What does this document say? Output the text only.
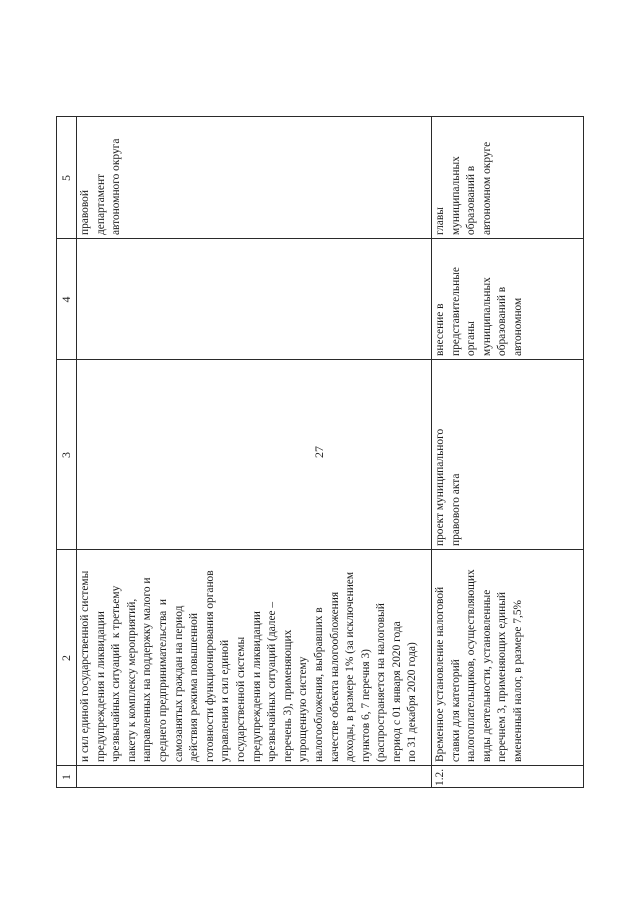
27
1
2
3
4
5
и сил единой государственной системы
предупреждения и ликвидации
чрезвычайных ситуаций  к третьему
пакету к комплексу мероприятий,
направленных на поддержку малого и
среднего предпринимательства  и
самозанятых граждан на период
действия режима повышенной
готовности функционирования органов
управления и сил единой
государственной системы
предупреждения и ликвидации
чрезвычайных ситуаций (далее –
перечень 3), применяющих
упрощенную систему
налогообложения, выбравших в
качестве объекта налогообложения
доходы, в размере 1% (за исключением
пунктов 6, 7 перечня 3)
(распространяется на налоговый
период с 01 января 2020 года
по 31 декабря 2020 года)
правовой
департамент
автономного округа
1.2.
Временное установление налоговой
ставки для категорий
налогоплательщиков, осуществляющих
виды деятельности, установленные
перечнем 3, применяющих единый
вмененный налог, в размере 7,5%
проект муниципального
правового акта
внесение в
представительные
органы
муниципальных
образований в
автономном
главы
муниципальных
образований в
автономном округе
